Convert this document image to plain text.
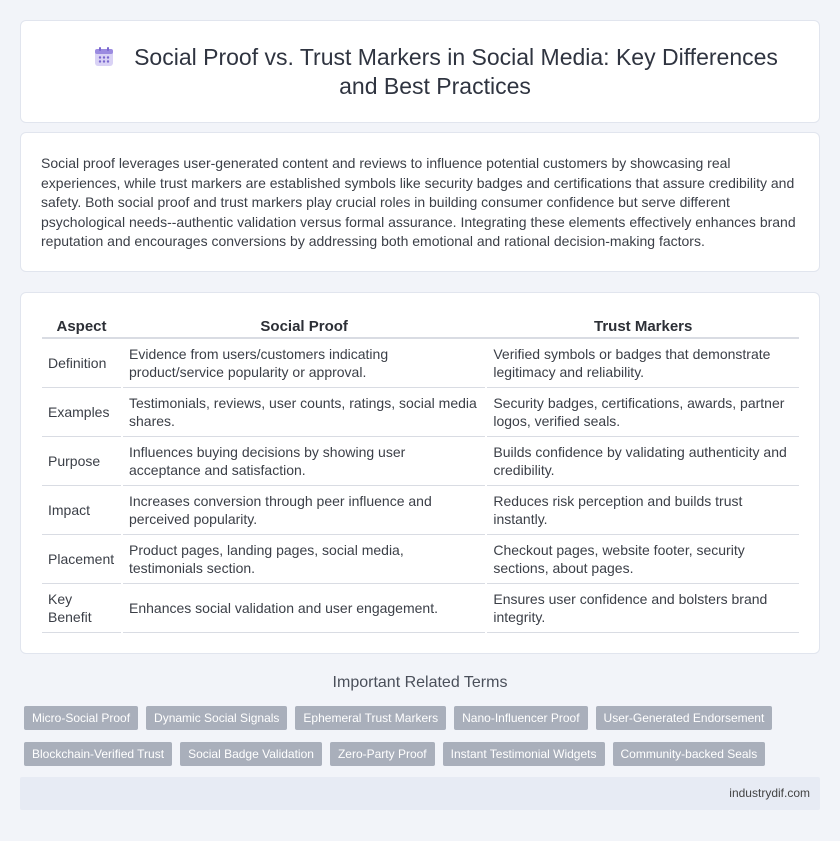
Social Proof vs. Trust Markers in Social Media: Key Differences and Best Practices

Social proof leverages user-generated content and reviews to influence potential customers by showcasing real experiences, while trust markers are established symbols like security badges and certifications that assure credibility and safety. Both social proof and trust markers play crucial roles in building consumer confidence but serve different psychological needs--authentic validation versus formal assurance. Integrating these elements effectively enhances brand reputation and encourages conversions by addressing both emotional and rational decision-making factors.

Aspect	Social Proof	Trust Markers
Definition	Evidence from users/customers indicating product/service popularity or approval.	Verified symbols or badges that demonstrate legitimacy and reliability.
Examples	Testimonials, reviews, user counts, ratings, social media shares.	Security badges, certifications, awards, partner logos, verified seals.
Purpose	Influences buying decisions by showing user acceptance and satisfaction.	Builds confidence by validating authenticity and credibility.
Impact	Increases conversion through peer influence and perceived popularity.	Reduces risk perception and builds trust instantly.
Placement	Product pages, landing pages, social media, testimonials section.	Checkout pages, website footer, security sections, about pages.
Key Benefit	Enhances social validation and user engagement.	Ensures user confidence and bolsters brand integrity.
Important Related Terms
Micro-Social Proof	Dynamic Social Signals	Ephemeral Trust Markers	Nano-Influencer Proof	User-Generated Endorsement
Blockchain-Verified Trust	Social Badge Validation	Zero-Party Proof	Instant Testimonial Widgets	Community-backed Seals
industrydif.com
